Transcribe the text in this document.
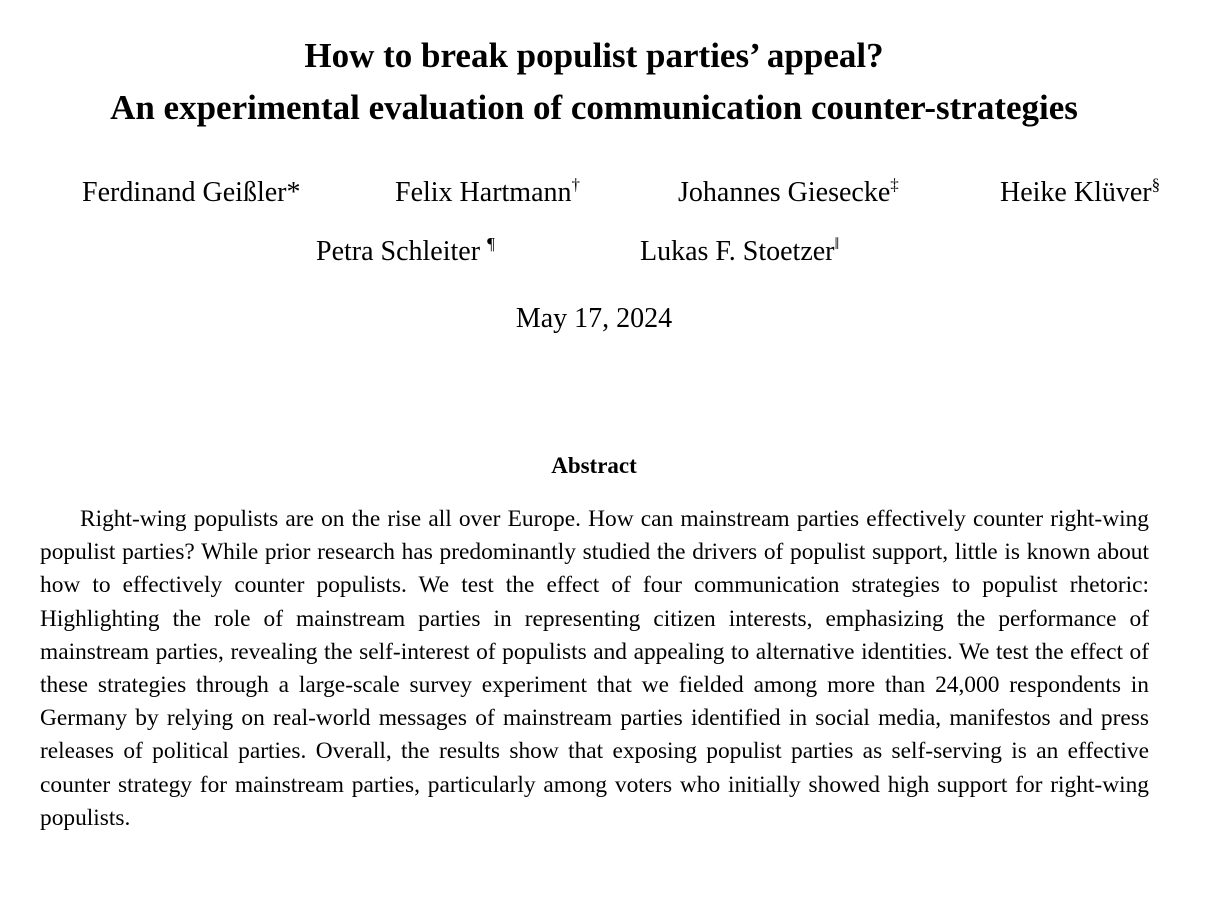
How to break populist parties’ appeal?
An experimental evaluation of communication counter-strategies
Ferdinand Geißler*	Felix Hartmann†	Johannes Giesecke‡	Heike Klüver§
Petra Schleiter ¶	Lukas F. Stoetzer‖
May 17, 2024
Abstract

Right-wing populists are on the rise all over Europe. How can mainstream parties effectively counter right-wing populist parties? While prior research has predominantly studied the drivers of populist support, little is known about how to effectively counter populists. We test the effect of four communication strategies to populist rhetoric: Highlighting the role of mainstream parties in representing citizen interests, emphasizing the performance of mainstream parties, revealing the self-interest of populists and appealing to alternative identities. We test the effect of these strategies through a large-scale survey experiment that we fielded among more than 24,000 respondents in Germany by relying on real-world messages of mainstream parties identified in social media, manifestos and press releases of political parties. Overall, the results show that exposing populist parties as self-serving is an effective counter strategy for mainstream parties, particularly among voters who initially showed high support for right-wing populists.
